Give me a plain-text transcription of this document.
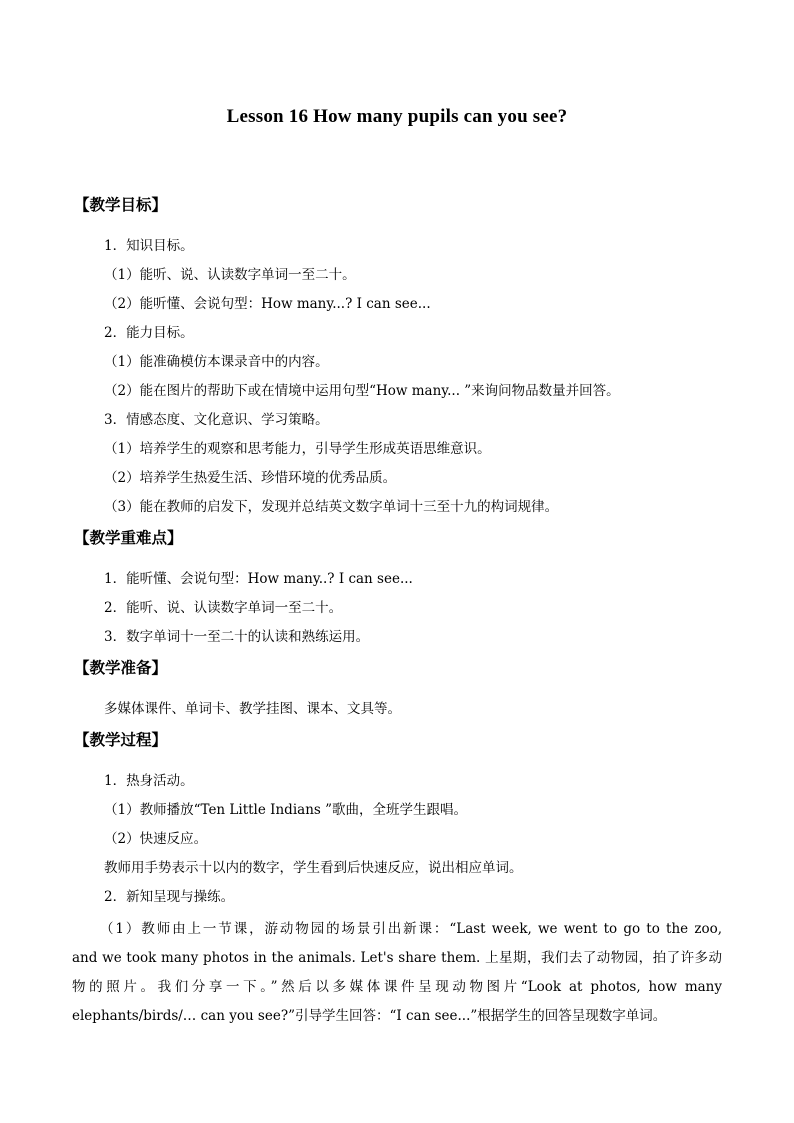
Lesson 16 How many pupils can you see?
【教学目标】
1．知识目标。
（1）能听、说、认读数字单词一至二十。
（2）能听懂、会说句型：How many...? I can see...
2．能力目标。
（1）能准确模仿本课录音中的内容。
（2）能在图片的帮助下或在情境中运用句型“How many... ”来询问物品数量并回答。
3．情感态度、文化意识、学习策略。
（1）培养学生的观察和思考能力，引导学生形成英语思维意识。
（2）培养学生热爱生活、珍惜环境的优秀品质。
（3）能在教师的启发下，发现并总结英文数字单词十三至十九的构词规律。
【教学重难点】
1．能听懂、会说句型：How many..? I can see...
2．能听、说、认读数字单词一至二十。
3．数字单词十一至二十的认读和熟练运用。
【教学准备】
多媒体课件、单词卡、教学挂图、课本、文具等。
【教学过程】
1．热身活动。
（1）教师播放“Ten Little Indians ”歌曲，全班学生跟唱。
（2）快速反应。
教师用手势表示十以内的数字，学生看到后快速反应，说出相应单词。
2．新知呈现与操练。
（1）教师由上一节课，游动物园的场景引出新课：“Last week, we went to go to the zoo,
and we took many photos in the animals. Let's share them. 上星期，我们去了动物园，拍了许多动
物的照片。我们分享一下。”然后以多媒体课件呈现动物图片“Look at photos, how many
elephants/birds/… can you see?”引导学生回答：“I can see...”根据学生的回答呈现数字单词。
